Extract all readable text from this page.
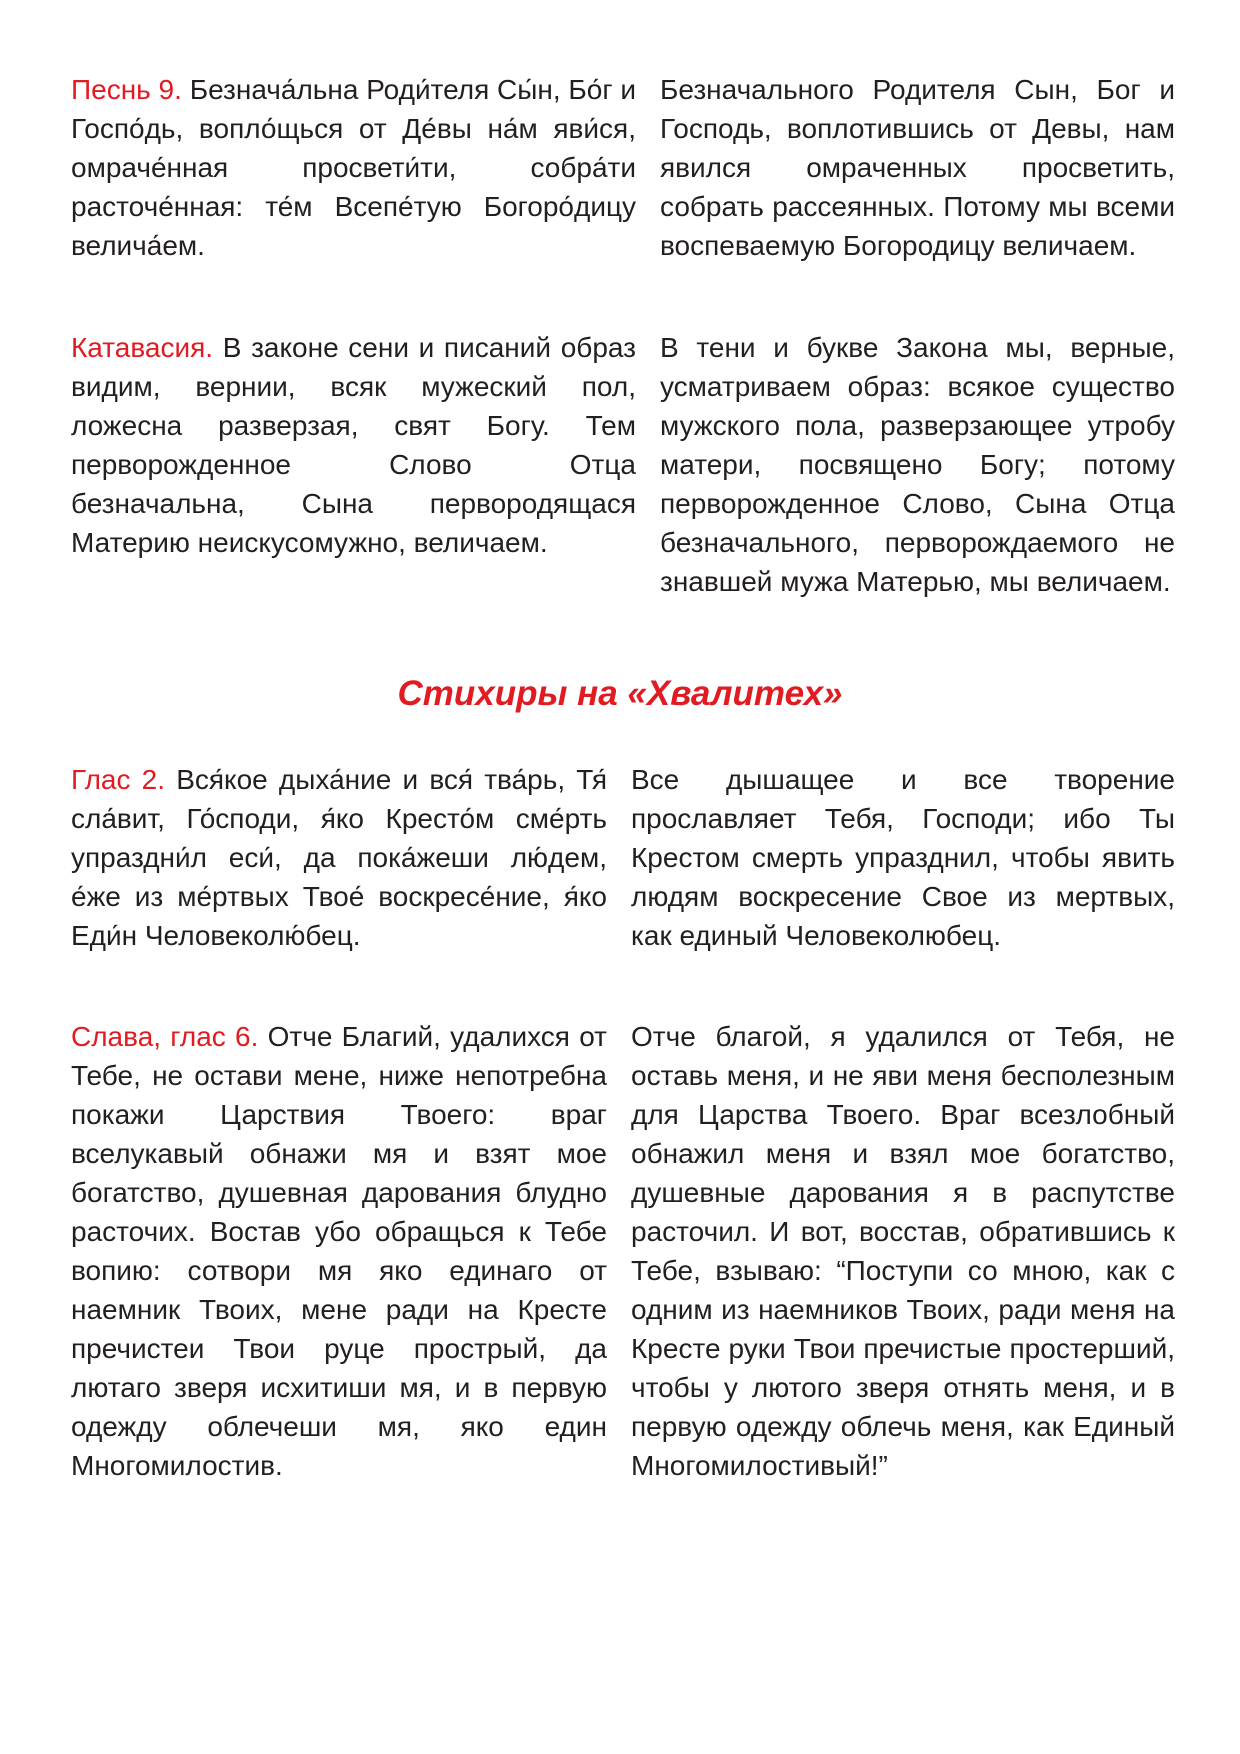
Песнь 9. Безнача́льна Роди́теля Сы́н, Бо́г и Госпо́дь, вопло́щься от Де́вы на́м яви́ся, омраче́нная просвети́ти, собра́ти расточе́нная: те́м Всепе́тую Богоро́дицу велича́ем.
Безначального Родителя Сын, Бог и Господь, воплотившись от Девы, нам явился омраченных просветить, собрать рассеянных. Потому мы всеми воспеваемую Богородицу величаем.
Катавасия. В законе сени и писаний образ видим, вернии, всяк мужеский пол, ложесна разверзая, свят Богу. Тем перворожденное Слово Отца безначальна, Сына первородящася Материю неискусомужно, величаем.
В тени и букве Закона мы, верные, усматриваем образ: всякое существо мужского пола, разверзающее утробу матери, посвящено Богу; потому перворожденное Слово, Сына Отца безначального, перворождаемого не знавшей мужа Матерью, мы величаем.
Стихиры на «Хвалитех»
Глас 2. Вся́кое дыха́ние и вся́ тва́рь, Тя́ сла́вит, Го́споди, я́ко Кресто́м сме́рть упраздни́л еси́, да пока́жеши лю́дем, е́же из ме́ртвых Твое́ воскресе́ние, я́ко Еди́н Человеколю́бец.
Все дышащее и все творение прославляет Тебя, Господи; ибо Ты Крестом смерть упразднил, чтобы явить людям воскресение Свое из мертвых, как единый Человеколюбец.
Слава, глас 6. Отче Благий, удалихся от Тебе, не остави мене, ниже непотребна покажи Царствия Твоего: враг вселукавый обнажи мя и взят мое богатство, душевная дарования блудно расточих. Востав убо обращься к Тебе вопию: сотвори мя яко единаго от наемник Твоих, мене ради на Кресте пречистеи Твои руце прострый, да лютаго зверя исхитиши мя, и в первую одежду облечеши мя, яко един Многомилостив.
Отче благой, я удалился от Тебя, не оставь меня, и не яви меня бесполезным для Царства Твоего. Враг всезлобный обнажил меня и взял мое богатство, душевные дарования я в распутстве расточил. И вот, восстав, обратившись к Тебе, взываю: “Поступи со мною, как с одним из наемников Твоих, ради меня на Кресте руки Твои пречистые простерший, чтобы у лютого зверя отнять меня, и в первую одежду облечь меня, как Единый Многомилостивый!”
